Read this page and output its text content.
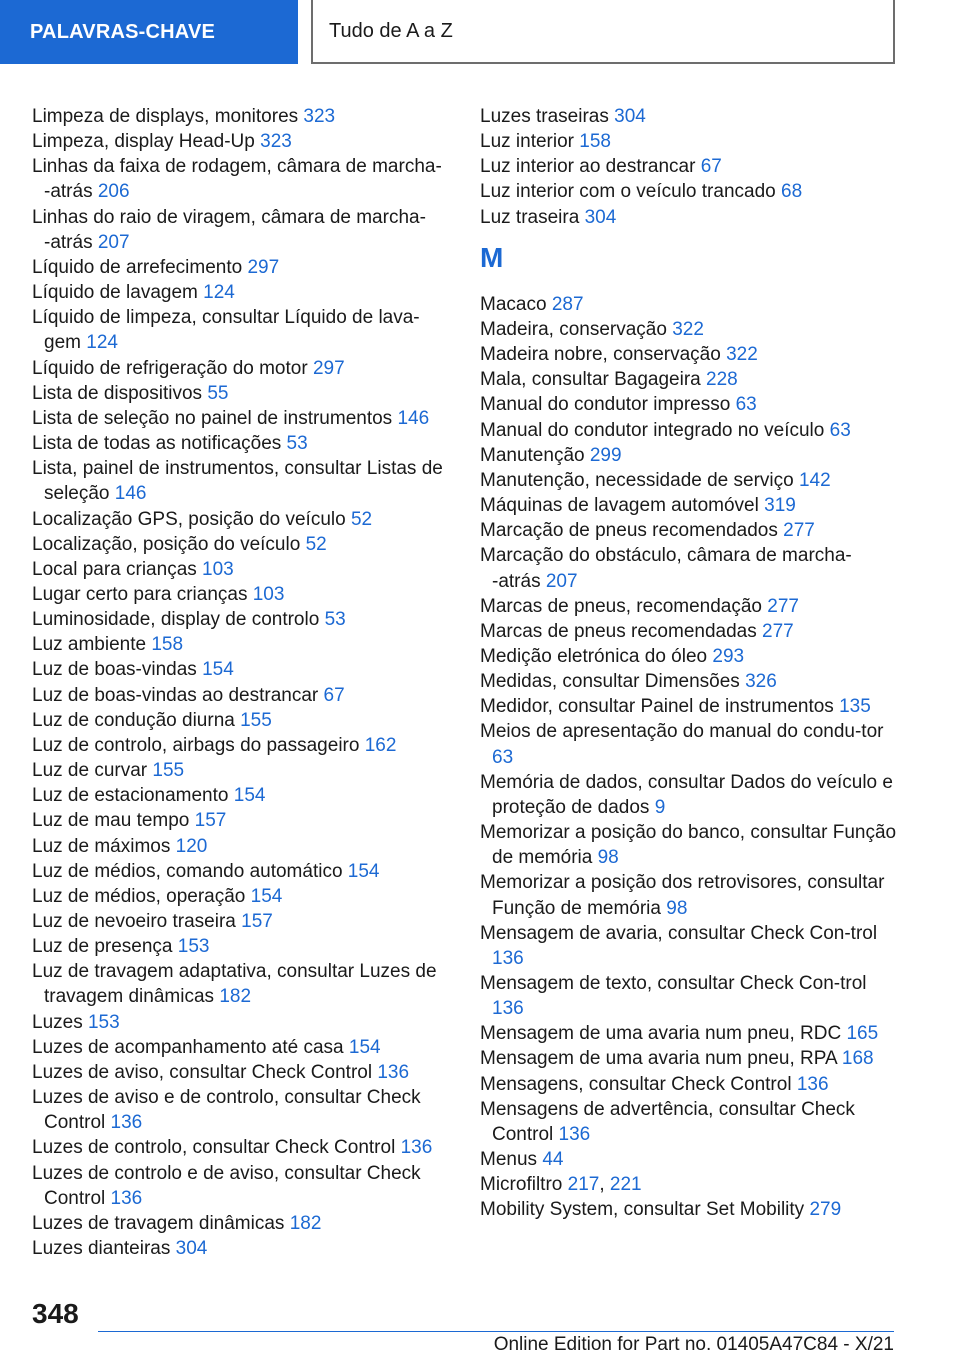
PALAVRAS-CHAVE	Tudo de A a Z
Limpeza de displays, monitores 323
Limpeza, display Head-Up 323
Linhas da faixa de rodagem, câmara de marcha-‑atrás 206
Linhas do raio de viragem, câmara de marcha-‑atrás 207
Líquido de arrefecimento 297
Líquido de lavagem 124
Líquido de limpeza, consultar Líquido de lava‐gem 124
Líquido de refrigeração do motor 297
Lista de dispositivos 55
Lista de seleção no painel de instrumentos 146
Lista de todas as notificações 53
Lista, painel de instrumentos, consultar Listas de seleção 146
Localização GPS, posição do veículo 52
Localização, posição do veículo 52
Local para crianças 103
Lugar certo para crianças 103
Luminosidade, display de controlo 53
Luz ambiente 158
Luz de boas-vindas 154
Luz de boas-vindas ao destrancar 67
Luz de condução diurna 155
Luz de controlo, airbags do passageiro 162
Luz de curvar 155
Luz de estacionamento 154
Luz de mau tempo 157
Luz de máximos 120
Luz de médios, comando automático 154
Luz de médios, operação 154
Luz de nevoeiro traseira 157
Luz de presença 153
Luz de travagem adaptativa, consultar Luzes de travagem dinâmicas 182
Luzes 153
Luzes de acompanhamento até casa 154
Luzes de aviso, consultar Check Control 136
Luzes de aviso e de controlo, consultar Check Control 136
Luzes de controlo, consultar Check Control 136
Luzes de controlo e de aviso, consultar Check Control 136
Luzes de travagem dinâmicas 182
Luzes dianteiras 304
Luzes traseiras 304
Luz interior 158
Luz interior ao destrancar 67
Luz interior com o veículo trancado 68
Luz traseira 304
M
Macaco 287
Madeira, conservação 322
Madeira nobre, conservação 322
Mala, consultar Bagageira 228
Manual do condutor impresso 63
Manual do condutor integrado no veículo 63
Manutenção 299
Manutenção, necessidade de serviço 142
Máquinas de lavagem automóvel 319
Marcação de pneus recomendados 277
Marcação do obstáculo, câmara de marcha-‑atrás 207
Marcas de pneus, recomendação 277
Marcas de pneus recomendadas 277
Medição eletrónica do óleo 293
Medidas, consultar Dimensões 326
Medidor, consultar Painel de instrumentos 135
Meios de apresentação do manual do condu‐tor 63
Memória de dados, consultar Dados do veículo e proteção de dados 9
Memorizar a posição do banco, consultar Função de memória 98
Memorizar a posição dos retrovisores, consultar Função de memória 98
Mensagem de avaria, consultar Check Con‐trol 136
Mensagem de texto, consultar Check Con‐trol 136
Mensagem de uma avaria num pneu, RDC 165
Mensagem de uma avaria num pneu, RPA 168
Mensagens, consultar Check Control 136
Mensagens de advertência, consultar Check Control 136
Menus 44
Microfiltro 217, 221
Mobility System, consultar Set Mobility 279
348
Online Edition for Part no. 01405A47C84 - X/21
